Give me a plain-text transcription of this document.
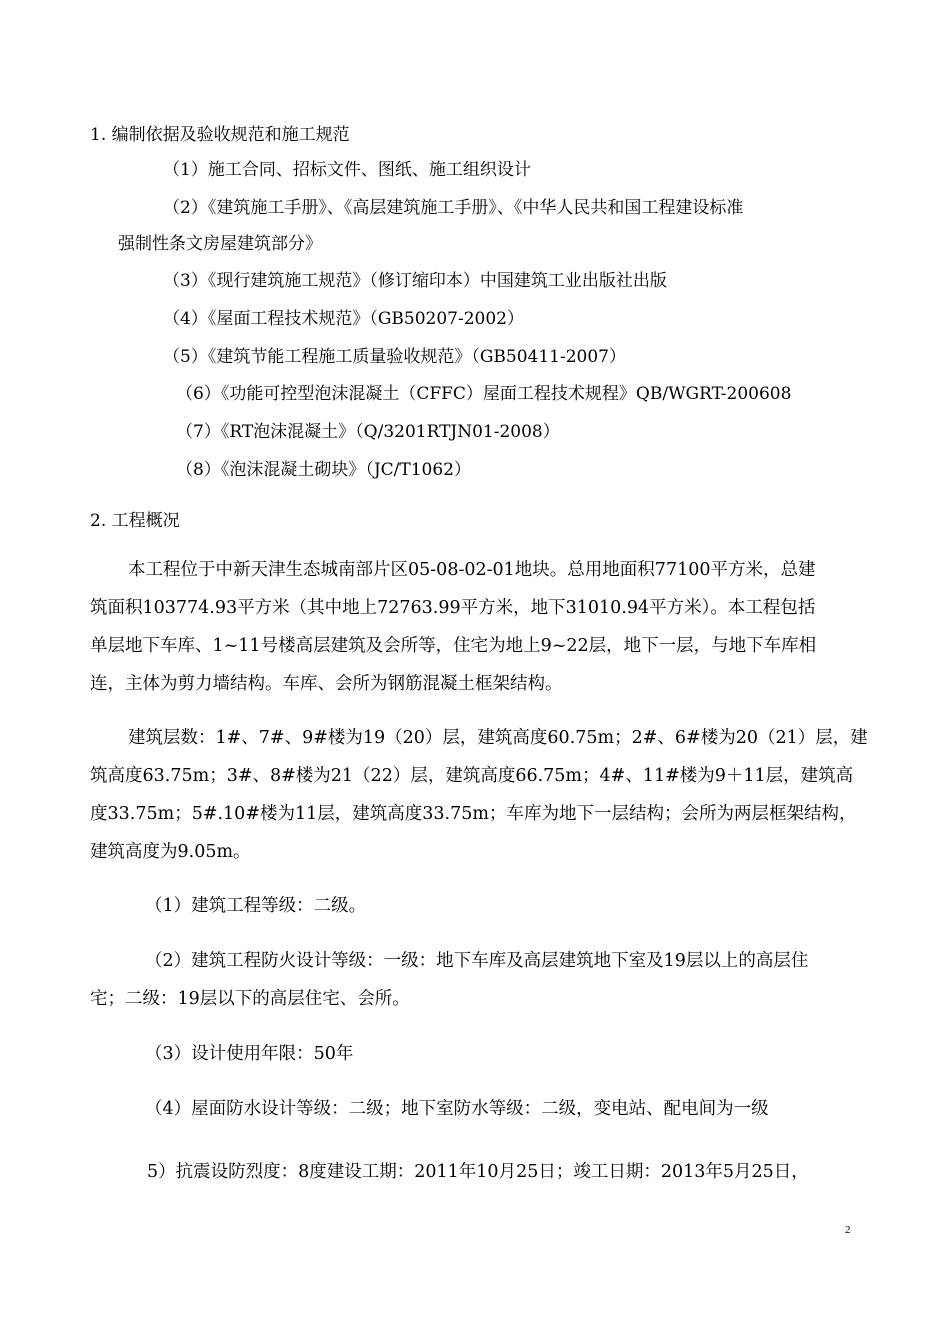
1. 编制依据及验收规范和施工规范
（1）施工合同、招标文件、图纸、施工组织设计
（2）《建筑施工手册》、《高层建筑施工手册》、《中华人民共和国工程建设标准
强制性条文房屋建筑部分》
（3）《现行建筑施工规范》（修订缩印本）中国建筑工业出版社出版
（4）《屋面工程技术规范》（GB50207-2002）
（5）《建筑节能工程施工质量验收规范》（GB50411-2007）
（6）《功能可控型泡沫混凝土（CFFC）屋面工程技术规程》QB/WGRT-200608
（7）《RT泡沫混凝土》（Q/3201RTJN01-2008）
（8）《泡沫混凝土砌块》（JC/T1062）
2. 工程概况
本工程位于中新天津生态城南部片区05-08-02-01地块。总用地面积77100平方米，总建
筑面积103774.93平方米（其中地上72763.99平方米，地下31010.94平方米）。本工程包括
单层地下车库、1~11号楼高层建筑及会所等，住宅为地上9~22层，地下一层，与地下车库相
连，主体为剪力墙结构。车库、会所为钢筋混凝土框架结构。
建筑层数：1#、7#、9#楼为19（20）层，建筑高度60.75m；2#、6#楼为20（21）层，建
筑高度63.75m；3#、8#楼为21（22）层，建筑高度66.75m；4#、11#楼为9＋11层，建筑高
度33.75m；5#.10#楼为11层，建筑高度33.75m；车库为地下一层结构；会所为两层框架结构，
建筑高度为9.05m。
（1）建筑工程等级：二级。
（2）建筑工程防火设计等级：一级：地下车库及高层建筑地下室及19层以上的高层住
宅；二级：19层以下的高层住宅、会所。
（3）设计使用年限：50年
（4）屋面防水设计等级：二级；地下室防水等级：二级，变电站、配电间为一级
5）抗震设防烈度：8度建设工期：2011年10月25日；竣工日期：2013年5月25日，
2
